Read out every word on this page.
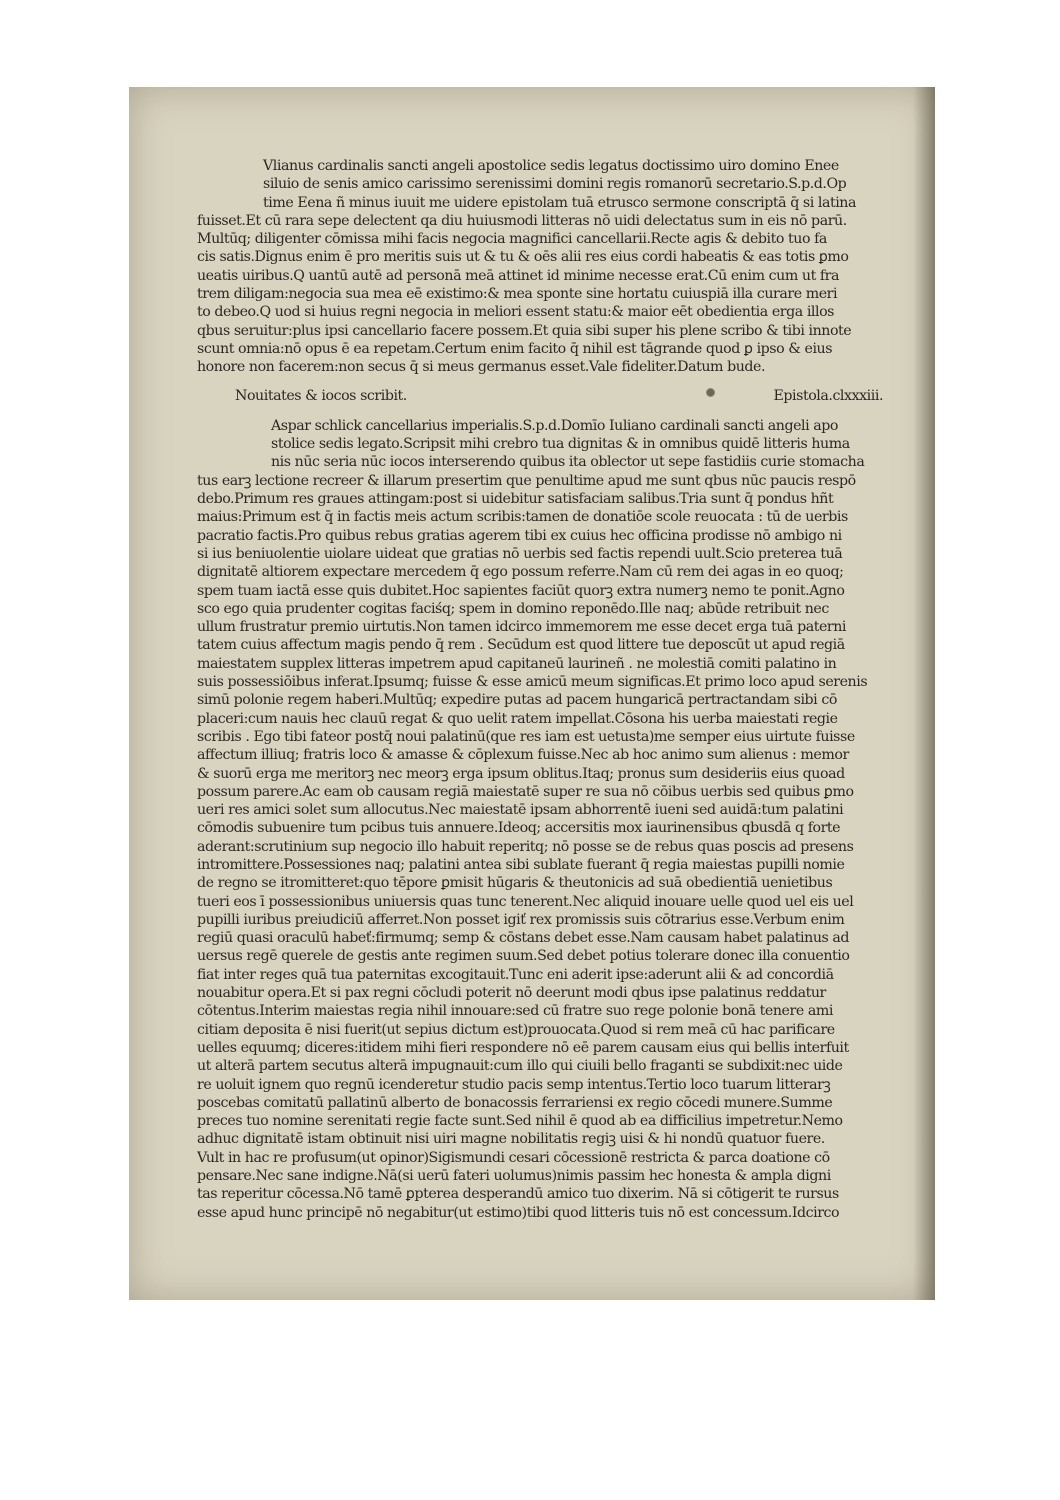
Vlianus cardinalis sancti angeli apostolice sedis legatus doctissimo uiro domino Enee
siluio de senis amico carissimo serenissimi domini regis romanorū secretario.S.p.d.Op
time Eena ñ minus iuuit me uidere epistolam tuā etrusco sermone conscriptā q̄ si latina
fuisset.Et cū rara sepe delectent qa diu huiusmodi litteras nō uidi delectatus sum in eis nō parū.
Multūq; diligenter cōmissa mihi facis negocia magnifici cancellarii.Recte agis & debito tuo fa
cis satis.Dignus enim ē pro meritis suis ut & tu & oēs alii res eius cordi habeatis & eas totis ꝑmo
ueatis uiribus.Q uantū autē ad personā meā attinet id minime necesse erat.Cū enim cum ut fra
trem diligam:negocia sua mea eē existimo:& mea sponte sine hortatu cuiuspiā illa curare meri
to debeo.Q uod si huius regni negocia in meliori essent statu:& maior eēt obedientia erga illos
qbus seruitur:plus ipsi cancellario facere possem.Et quia sibi super his plene scribo & tibi innote
scunt omnia:nō opus ē ea repetam.Certum enim facito q̄ nihil est tāgrande quod ꝑ ipso & eius
honore non facerem:non secus q̄ si meus germanus esset.Vale fideliter.Datum bude.
Nouitates & iocos scribit.	Epistola.clxxxiii.
Aspar schlick cancellarius imperialis.S.p.d.Domīo Iuliano cardinali sancti angeli apo
stolice sedis legato.Scripsit mihi crebro tua dignitas & in omnibus quidē litteris huma
nis nūc seria nūc iocos interserendo quibus ita oblector ut sepe fastidiis curie stomacha
tus earꝫ lectione recreer & illarum presertim que penultime apud me sunt qbus nūc paucis respō
debo.Primum res graues attingam:post si uidebitur satisfaciam salibus.Tria sunt q̄ pondus hñt
maius:Primum est q̄ in factis meis actum scribis:tamen de donatiōe scole reuocata : tū de uerbis
pacratio factis.Pro quibus rebus gratias agerem tibi ex cuius hec officina prodisse nō ambigo ni
si ius beniuolentie uiolare uideat que gratias nō uerbis sed factis rependi uult.Scio preterea tuā
dignitatē altiorem expectare mercedem q̄ ego possum referre.Nam cū rem dei agas in eo quoq;
spem tuam iactā esse quis dubitet.Hoc sapientes faciūt quorꝫ extra numerꝫ nemo te ponit.Agno
sco ego quia prudenter cogitas faciśq; spem in domino reponēdo.Ille naq; abūde retribuit nec
ullum frustratur premio uirtutis.Non tamen idcirco immemorem me esse decet erga tuā paterni
tatem cuius affectum magis pendo q̄ rem . Secūdum est quod littere tue deposcūt ut apud regiā
maiestatem supplex litteras impetrem apud capitaneū laurineñ . ne molestiā comiti palatino in
suis possessiōibus inferat.Ipsumq; fuisse & esse amicū meum significas.Et primo loco apud serenis
simū polonie regem haberi.Multūq; expedire putas ad pacem hungaricā pertractandam sibi cō
placeri:cum nauis hec clauū regat & quo uelit ratem impellat.Cōsona his uerba maiestati regie
scribis . Ego tibi fateor postq̄ noui palatinū(que res iam est uetusta)me semper eius uirtute fuisse
affectum illiuq; fratris loco & amasse & cōplexum fuisse.Nec ab hoc animo sum alienus : memor
& suorū erga me meritorꝫ nec meorꝫ erga ipsum oblitus.Itaq; pronus sum desideriis eius quoad
possum parere.Ac eam ob causam regiā maiestatē super re sua nō cōibus uerbis sed quibus ꝑmo
ueri res amici solet sum allocutus.Nec maiestatē ipsam abhorrentē iueni sed auidā:tum palatini
cōmodis subuenire tum pcibus tuis annuere.Ideoq; accersitis mox iaurinensibus qbusdā q forte
aderant:scrutinium sup negocio illo habuit reperitq; nō posse se de rebus quas poscis ad presens
intromittere.Possessiones naq; palatini antea sibi sublate fuerant q̄ regia maiestas pupilli nomie
de regno se itromitteret:quo tēpore ꝑmisit hūgaris & theutonicis ad suā obedientiā uenietibus
tueri eos ī possessionibus uniuersis quas tunc tenerent.Nec aliquid inouare uelle quod uel eis uel
pupilli iuribus preiudiciū afferret.Non posset igiť rex promissis suis cōtrarius esse.Verbum enim
regiū quasi oraculū habeť:firmumq; semp & cōstans debet esse.Nam causam habet palatinus ad
uersus regē querele de gestis ante regimen suum.Sed debet potius tolerare donec illa conuentio
fiat inter reges quā tua paternitas excogitauit.Tunc eni aderit ipse:aderunt alii & ad concordiā
nouabitur opera.Et si pax regni cōcludi poterit nō deerunt modi qbus ipse palatinus reddatur
cōtentus.Interim maiestas regia nihil innouare:sed cū fratre suo rege polonie bonā tenere ami
citiam deposita ē nisi fuerit(ut sepius dictum est)prouocata.Quod si rem meā cū hac parificare
uelles equumq; diceres:itidem mihi fieri respondere nō eē parem causam eius qui bellis interfuit
ut alterā partem secutus alterā impugnauit:cum illo qui ciuili bello fraganti se subdixit:nec uide
re uoluit ignem quo regnū icenderetur studio pacis semp intentus.Tertio loco tuarum litterarꝫ
poscebas comitatū pallatinū alberto de bonacossis ferrariensi ex regio cōcedi munere.Summe
preces tuo nomine serenitati regie facte sunt.Sed nihil ē quod ab ea difficilius impetretur.Nemo
adhuc dignitatē istam obtinuit nisi uiri magne nobilitatis regiꝫ uisi & hi nondū quatuor fuere.
Vult in hac re profusum(ut opinor)Sigismundi cesari cōcessionē restricta & parca doatione cō
pensare.Nec sane indigne.Nā(si uerū fateri uolumus)nimis passim hec honesta & ampla digni
tas reperitur cōcessa.Nō tamē ꝑpterea desperandū amico tuo dixerim. Nā si cōtigerit te rursus
esse apud hunc principē nō negabitur(ut estimo)tibi quod litteris tuis nō est concessum.Idcirco
